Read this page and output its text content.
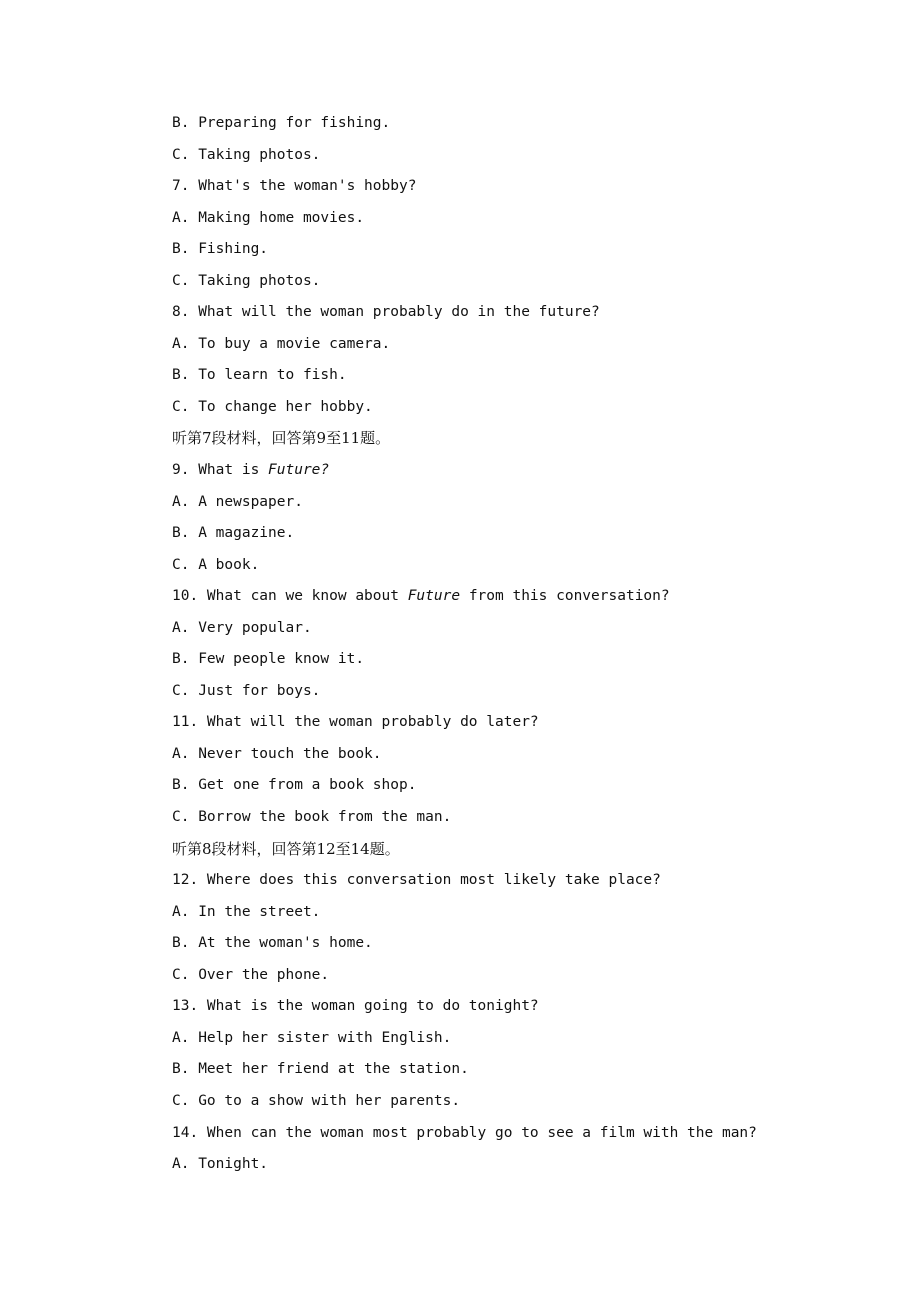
B. Preparing for fishing.
C. Taking photos.
7. What's the woman's hobby?
A. Making home movies.
B. Fishing.
C. Taking photos.
8. What will the woman probably do in the future?
A. To buy a movie camera.
B. To learn to fish.
C. To change her hobby.
听第7段材料，回答第9至11题。
9. What is Future?
A. A newspaper.
B. A magazine.
C. A book.
10. What can we know about Future from this conversation?
A. Very popular.
B. Few people know it.
C. Just for boys.
11. What will the woman probably do later?
A. Never touch the book.
B. Get one from a book shop.
C. Borrow the book from the man.
听第8段材料，回答第12至14题。
12. Where does this conversation most likely take place?
A. In the street.
B. At the woman's home.
C. Over the phone.
13. What is the woman going to do tonight?
A. Help her sister with English.
B. Meet her friend at the station.
C. Go to a show with her parents.
14. When can the woman most probably go to see a film with the man?
A. Tonight.
